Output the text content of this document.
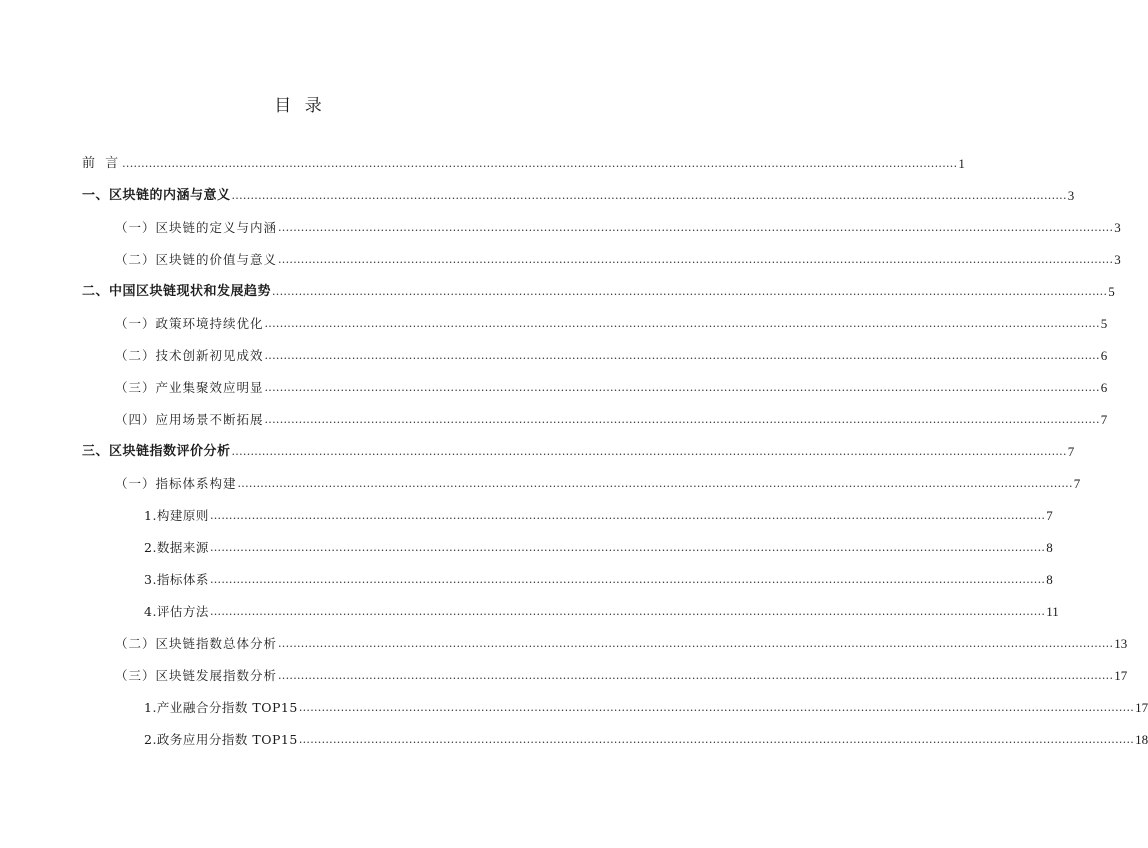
目 录
前 言 ............................................................................................................................................................................................................................ 1
一、区块链的内涵与意义 ............................................................................................................................................................................................................................ 3
（一）区块链的定义与内涵 ............................................................................................................................................................................................................................ 3
（二）区块链的价值与意义 ............................................................................................................................................................................................................................ 3
二、中国区块链现状和发展趋势 ............................................................................................................................................................................................................................ 5
（一）政策环境持续优化 ............................................................................................................................................................................................................................ 5
（二）技术创新初见成效 ............................................................................................................................................................................................................................ 6
（三）产业集聚效应明显 ............................................................................................................................................................................................................................ 6
（四）应用场景不断拓展 ............................................................................................................................................................................................................................ 7
三、区块链指数评价分析 ............................................................................................................................................................................................................................ 7
（一）指标体系构建 ............................................................................................................................................................................................................................ 7
1.构建原则 ............................................................................................................................................................................................................................ 7
2.数据来源 ............................................................................................................................................................................................................................ 8
3.指标体系 ............................................................................................................................................................................................................................ 8
4.评估方法 ............................................................................................................................................................................................................................ 11
（二）区块链指数总体分析 ............................................................................................................................................................................................................................ 13
（三）区块链发展指数分析 ............................................................................................................................................................................................................................ 17
1.产业融合分指数 TOP15 ............................................................................................................................................................................................................................ 17
2.政务应用分指数 TOP15 ............................................................................................................................................................................................................................ 18
